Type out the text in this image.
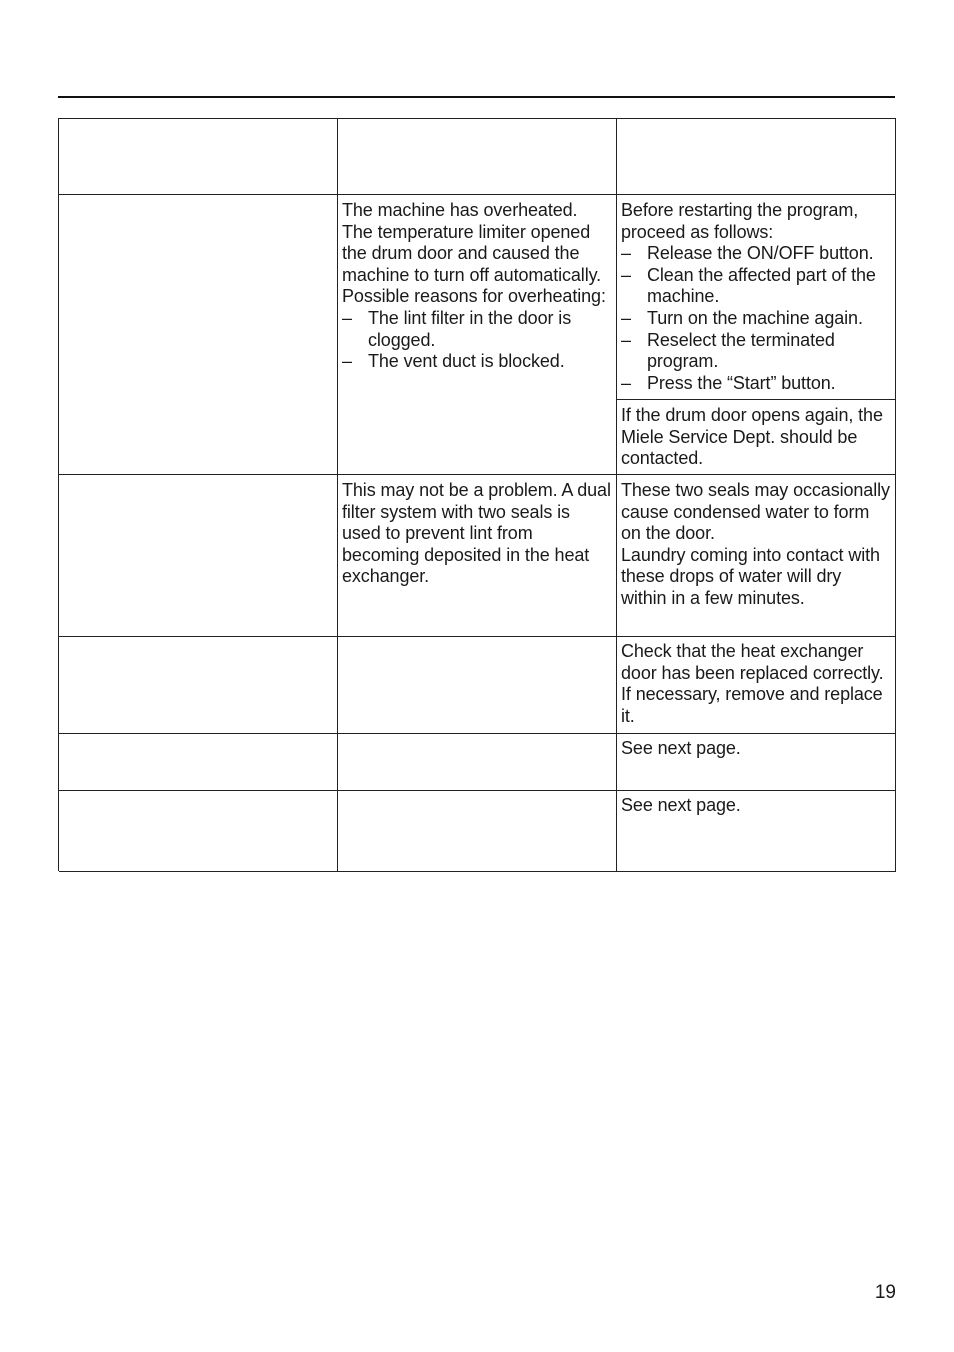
The machine has overheated.

The temperature limiter opened the drum door and caused the machine to turn off automatically.

Possible reasons for overheating:

– The lint filter in the door is clogged.
– The vent duct is blocked.

Before restarting the program, proceed as follows:

– Release the ON/OFF button.
– Clean the affected part of the machine.
– Turn on the machine again.
– Reselect the terminated program.
– Press the “Start” button.

If the drum door opens again, the Miele Service Dept. should be contacted.

This may not be a problem. A dual filter system with two seals is used to prevent lint from becoming deposited in the heat exchanger.

These two seals may occasionally cause condensed water to form on the door.

Laundry coming into contact with these drops of water will dry within in a few minutes.

Check that the heat exchanger door has been replaced correctly. If necessary, remove and replace it.

See next page.

See next page.

19
